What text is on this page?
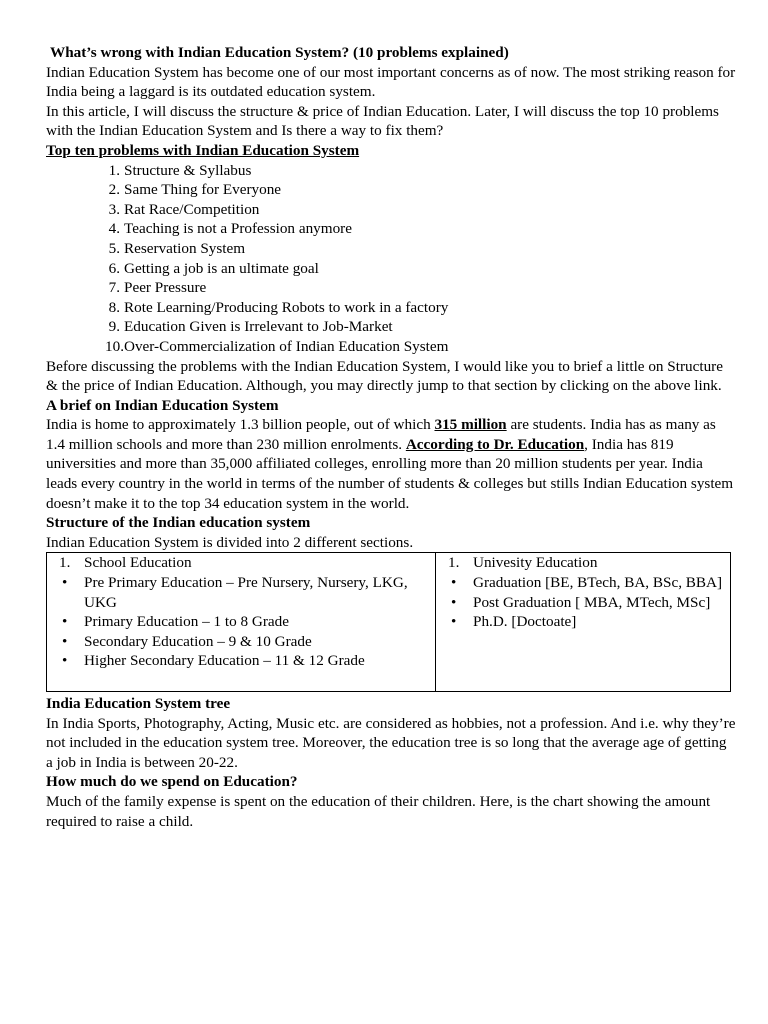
What’s wrong with Indian Education System? (10 problems explained)

Indian Education System has become one of our most important concerns as of now. The most striking reason for India being a laggard is its outdated education system.

In this article, I will discuss the structure & price of Indian Education. Later, I will discuss the top 10 problems with the Indian Education System and Is there a way to fix them?

Top ten problems with Indian Education System

1. Structure & Syllabus
2. Same Thing for Everyone
3. Rat Race/Competition
4. Teaching is not a Profession anymore
5. Reservation System
6. Getting a job is an ultimate goal
7. Peer Pressure
8. Rote Learning/Producing Robots to work in a factory
9. Education Given is Irrelevant to Job-Market
10. Over-Commercialization of Indian Education System

Before discussing the problems with the Indian Education System, I would like you to brief a little on Structure & the price of Indian Education. Although, you may directly jump to that section by clicking on the above link.

A brief on Indian Education System

India is home to approximately 1.3 billion people, out of which 315 million are students. India has as many as 1.4 million schools and more than 230 million enrolments. According to Dr. Education, India has 819 universities and more than 35,000 affiliated colleges, enrolling more than 20 million students per year. India leads every country in the world in terms of the number of students & colleges but stills Indian Education system doesn’t make it to the top 34 education system in the world.

Structure of the Indian education system

Indian Education System is divided into 2 different sections.

1. School Education
• Pre Primary Education – Pre Nursery, Nursery, LKG, UKG
• Primary Education – 1 to 8 Grade
• Secondary Education – 9 & 10 Grade
• Higher Secondary Education – 11 & 12 Grade

1. Univesity Education
• Graduation [BE, BTech, BA, BSc, BBA]
• Post Graduation [ MBA, MTech, MSc]
• Ph.D. [Doctoate]

India Education System tree

In India Sports, Photography, Acting, Music etc. are considered as hobbies, not a profession. And i.e. why they’re not included in the education system tree. Moreover, the education tree is so long that the average age of getting a job in India is between 20-22.

How much do we spend on Education?

Much of the family expense is spent on the education of their children. Here, is the chart showing the amount required to raise a child.
